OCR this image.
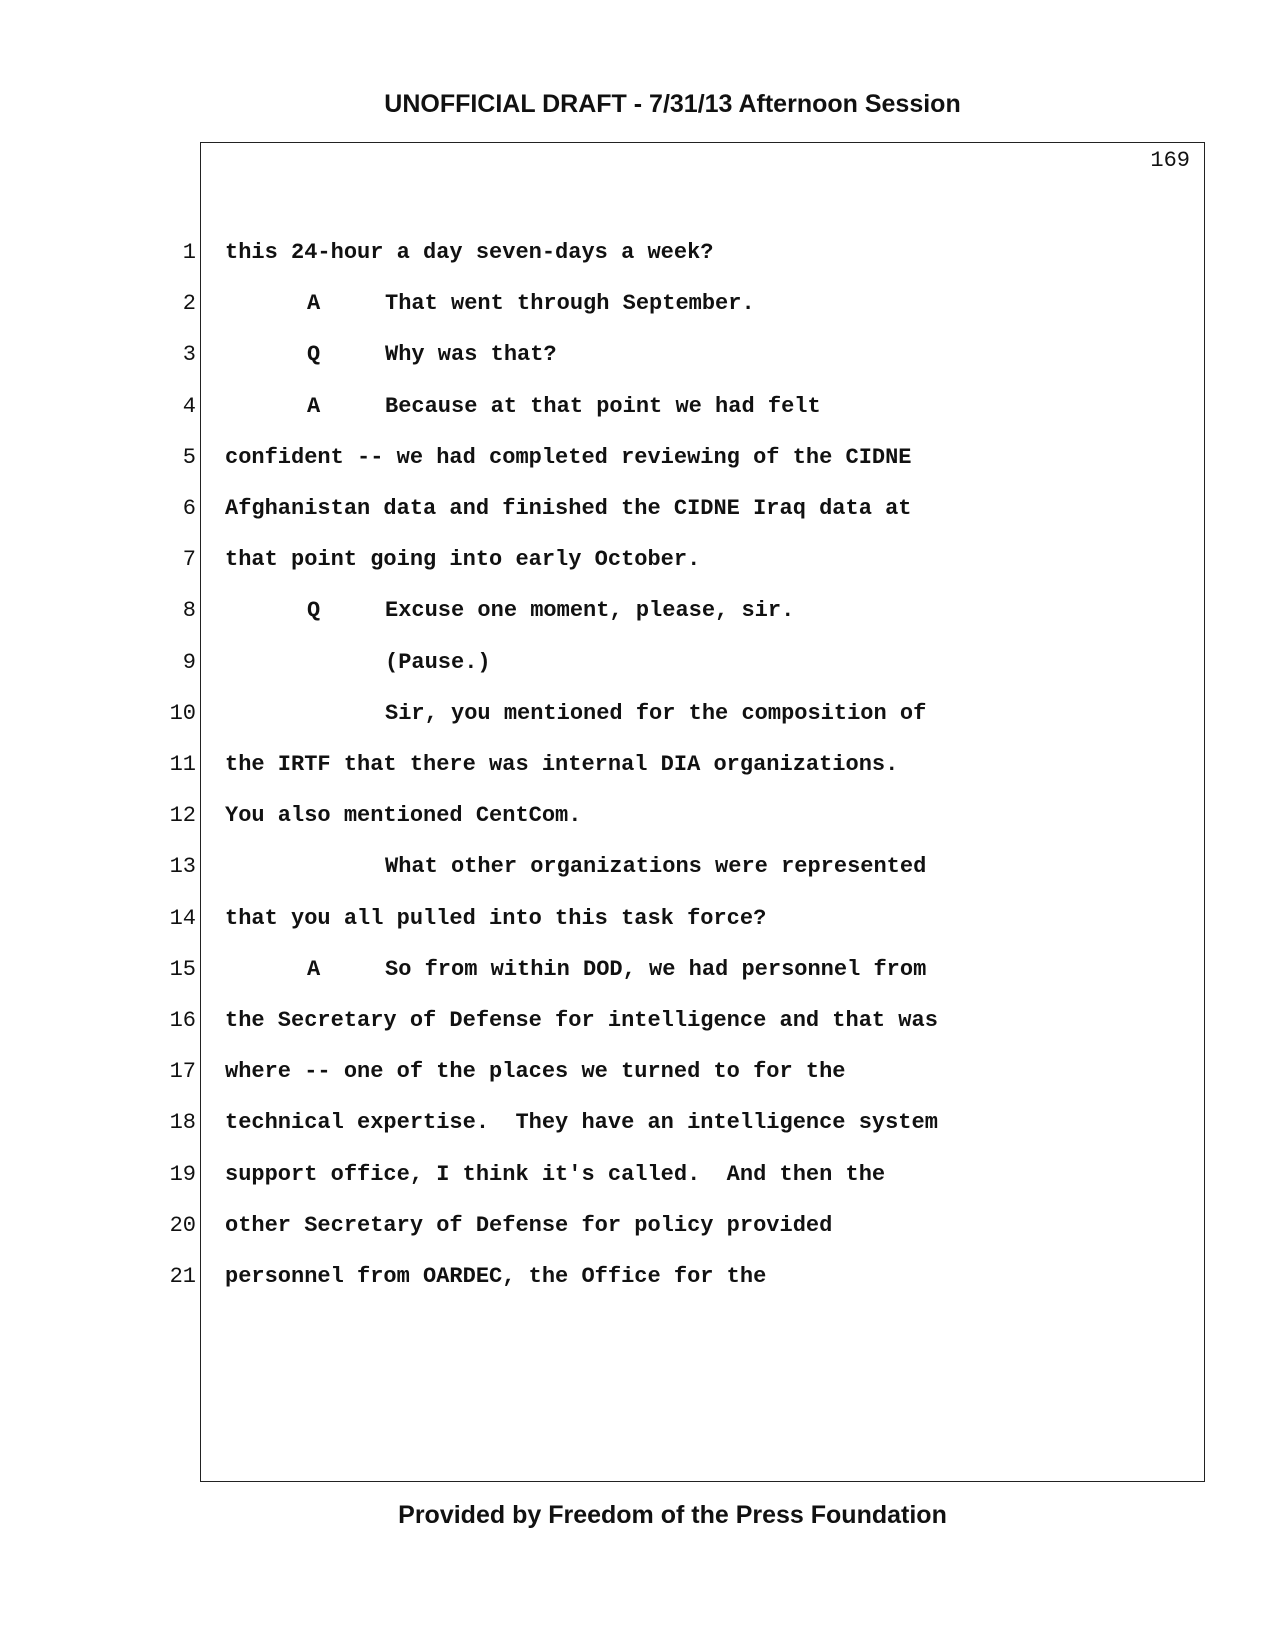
UNOFFICIAL DRAFT - 7/31/13 Afternoon Session
169
1 this 24-hour a day seven-days a week?
2	A	That went through September.
3	Q	Why was that?
4	A	Because at that point we had felt
5 confident -- we had completed reviewing of the CIDNE
6 Afghanistan data and finished the CIDNE Iraq data at
7 that point going into early October.
8	Q	Excuse one moment, please, sir.
9	(Pause.)
10	Sir, you mentioned for the composition of
11 the IRTF that there was internal DIA organizations.
12 You also mentioned CentCom.
13	What other organizations were represented
14 that you all pulled into this task force?
15	A	So from within DOD, we had personnel from
16 the Secretary of Defense for intelligence and that was
17 where -- one of the places we turned to for the
18 technical expertise.  They have an intelligence system
19 support office, I think it's called.  And then the
20 other Secretary of Defense for policy provided
21 personnel from OARDEC, the Office for the
Provided by Freedom of the Press Foundation
